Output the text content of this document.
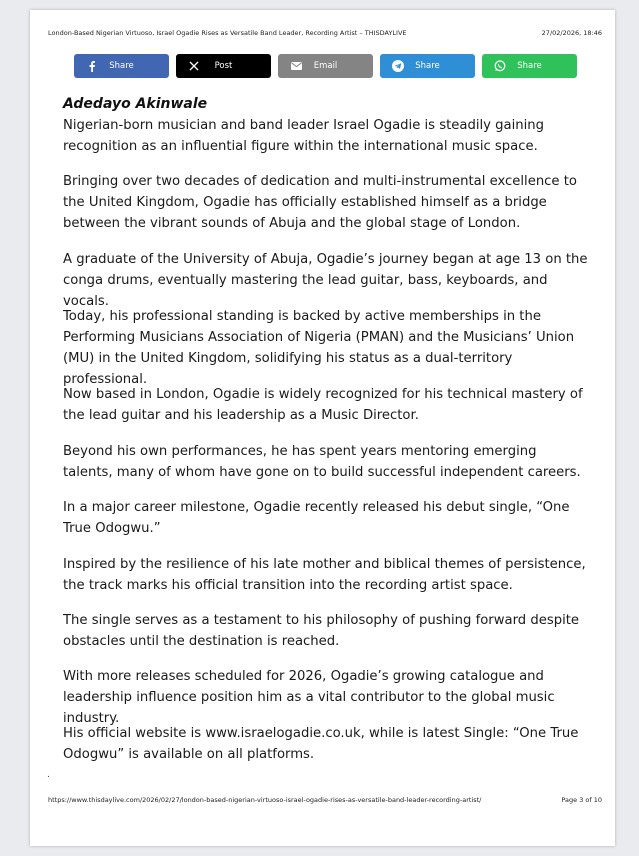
London-Based Nigerian Virtuoso, Israel Ogadie Rises as Versatile Band Leader, Recording Artist – THISDAYLIVE	27/02/2026, 18:46
Share	Post	Email	Share	Share
Adedayo Akinwale

Nigerian-born musician and band leader Israel Ogadie is steadily gaining recognition as an influential figure within the international music space.

Bringing over two decades of dedication and multi-instrumental excellence to the United Kingdom, Ogadie has officially established himself as a bridge between the vibrant sounds of Abuja and the global stage of London.

A graduate of the University of Abuja, Ogadie’s journey began at age 13 on the conga drums, eventually mastering the lead guitar, bass, keyboards, and vocals.

Today, his professional standing is backed by active memberships in the Performing Musicians Association of Nigeria (PMAN) and the Musicians’ Union (MU) in the United Kingdom, solidifying his status as a dual-territory professional.

Now based in London, Ogadie is widely recognized for his technical mastery of the lead guitar and his leadership as a Music Director.

Beyond his own performances, he has spent years mentoring emerging talents, many of whom have gone on to build successful independent careers.

In a major career milestone, Ogadie recently released his debut single, “One True Odogwu.”

Inspired by the resilience of his late mother and biblical themes of persistence, the track marks his official transition into the recording artist space.

The single serves as a testament to his philosophy of pushing forward despite obstacles until the destination is reached.

With more releases scheduled for 2026, Ogadie’s growing catalogue and leadership influence position him as a vital contributor to the global music industry.

His official website is www.israelogadie.co.uk, while is latest Single: “One True Odogwu” is available on all platforms.

.
https://www.thisdaylive.com/2026/02/27/london-based-nigerian-virtuoso-israel-ogadie-rises-as-versatile-band-leader-recording-artist/	Page 3 of 10
